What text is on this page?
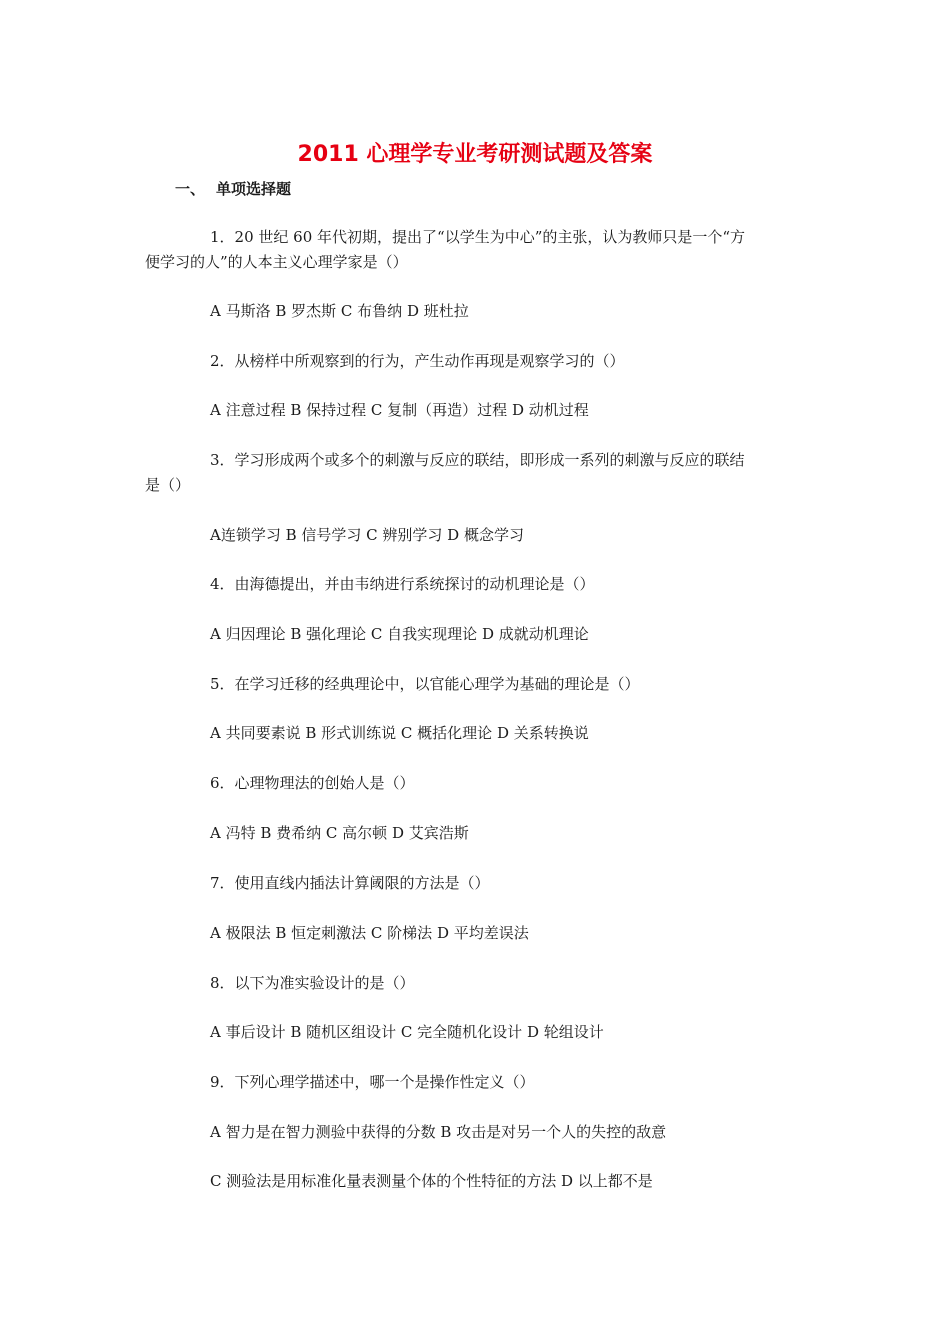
2011 心理学专业考研测试题及答案
一、 单项选择题
1．20 世纪 60 年代初期，提出了“以学生为中心”的主张，认为教师只是一个“方
便学习的人”的人本主义心理学家是（）
A 马斯洛 B 罗杰斯 C 布鲁纳 D 班杜拉
2．从榜样中所观察到的行为，产生动作再现是观察学习的（）
A 注意过程 B 保持过程 C 复制（再造）过程 D 动机过程
3．学习形成两个或多个的刺激与反应的联结，即形成一系列的刺激与反应的联结
是（）
A连锁学习 B 信号学习 C 辨别学习 D 概念学习
4．由海德提出，并由韦纳进行系统探讨的动机理论是（）
A 归因理论 B 强化理论 C 自我实现理论 D 成就动机理论
5．在学习迁移的经典理论中，以官能心理学为基础的理论是（）
A 共同要素说 B 形式训练说 C 概括化理论 D 关系转换说
6．心理物理法的创始人是（）
A 冯特 B 费希纳 C 高尔顿 D 艾宾浩斯
7．使用直线内插法计算阈限的方法是（）
A 极限法 B 恒定刺激法 C 阶梯法 D 平均差误法
8．以下为准实验设计的是（）
A 事后设计 B 随机区组设计 C 完全随机化设计 D 轮组设计
9．下列心理学描述中，哪一个是操作性定义（）
A 智力是在智力测验中获得的分数 B 攻击是对另一个人的失控的敌意
C 测验法是用标准化量表测量个体的个性特征的方法 D 以上都不是
